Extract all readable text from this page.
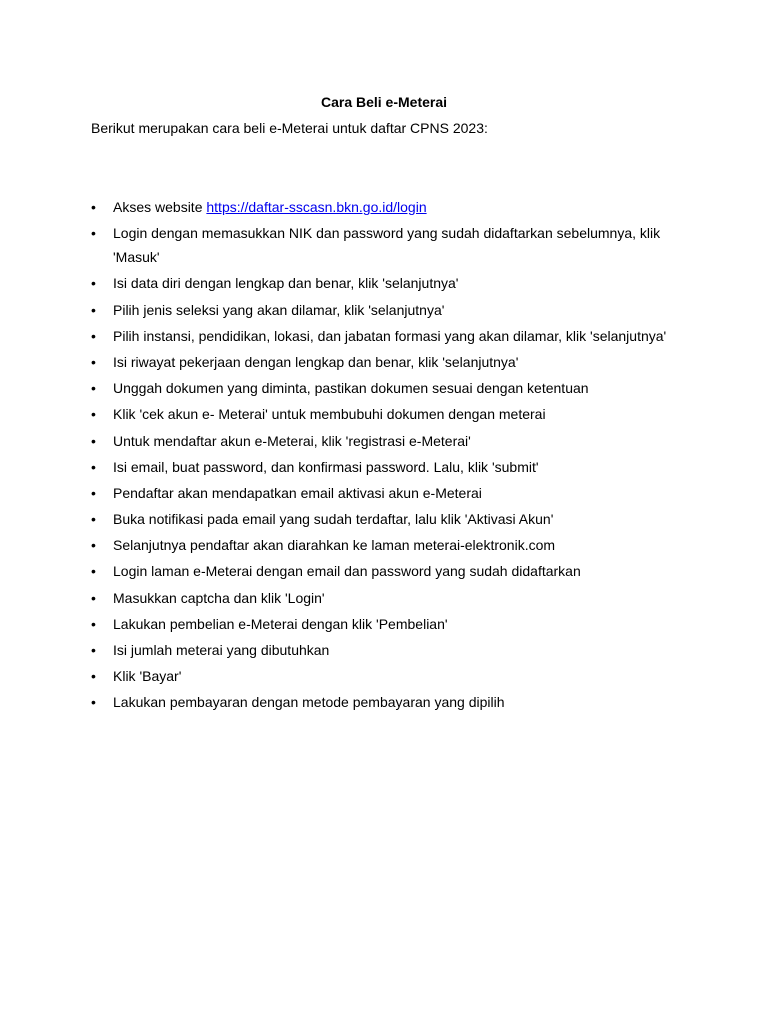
Cara Beli e-Meterai
Berikut merupakan cara beli e-Meterai untuk daftar CPNS 2023:
•	Akses website https://daftar-sscasn.bkn.go.id/login
•	Login dengan memasukkan NIK dan password yang sudah didaftarkan sebelumnya, klik 'Masuk'
•	Isi data diri dengan lengkap dan benar, klik 'selanjutnya'
•	Pilih jenis seleksi yang akan dilamar, klik 'selanjutnya'
•	Pilih instansi, pendidikan, lokasi, dan jabatan formasi yang akan dilamar, klik 'selanjutnya'
•	Isi riwayat pekerjaan dengan lengkap dan benar, klik 'selanjutnya'
•	Unggah dokumen yang diminta, pastikan dokumen sesuai dengan ketentuan
•	Klik 'cek akun e- Meterai' untuk membubuhi dokumen dengan meterai
•	Untuk mendaftar akun e-Meterai, klik 'registrasi e-Meterai'
•	Isi email, buat password, dan konfirmasi password. Lalu, klik 'submit'
•	Pendaftar akan mendapatkan email aktivasi akun e-Meterai
•	Buka notifikasi pada email yang sudah terdaftar, lalu klik 'Aktivasi Akun'
•	Selanjutnya pendaftar akan diarahkan ke laman meterai-elektronik.com
•	Login laman e-Meterai dengan email dan password yang sudah didaftarkan
•	Masukkan captcha dan klik 'Login'
•	Lakukan pembelian e-Meterai dengan klik 'Pembelian'
•	Isi jumlah meterai yang dibutuhkan
•	Klik 'Bayar'
•	Lakukan pembayaran dengan metode pembayaran yang dipilih
